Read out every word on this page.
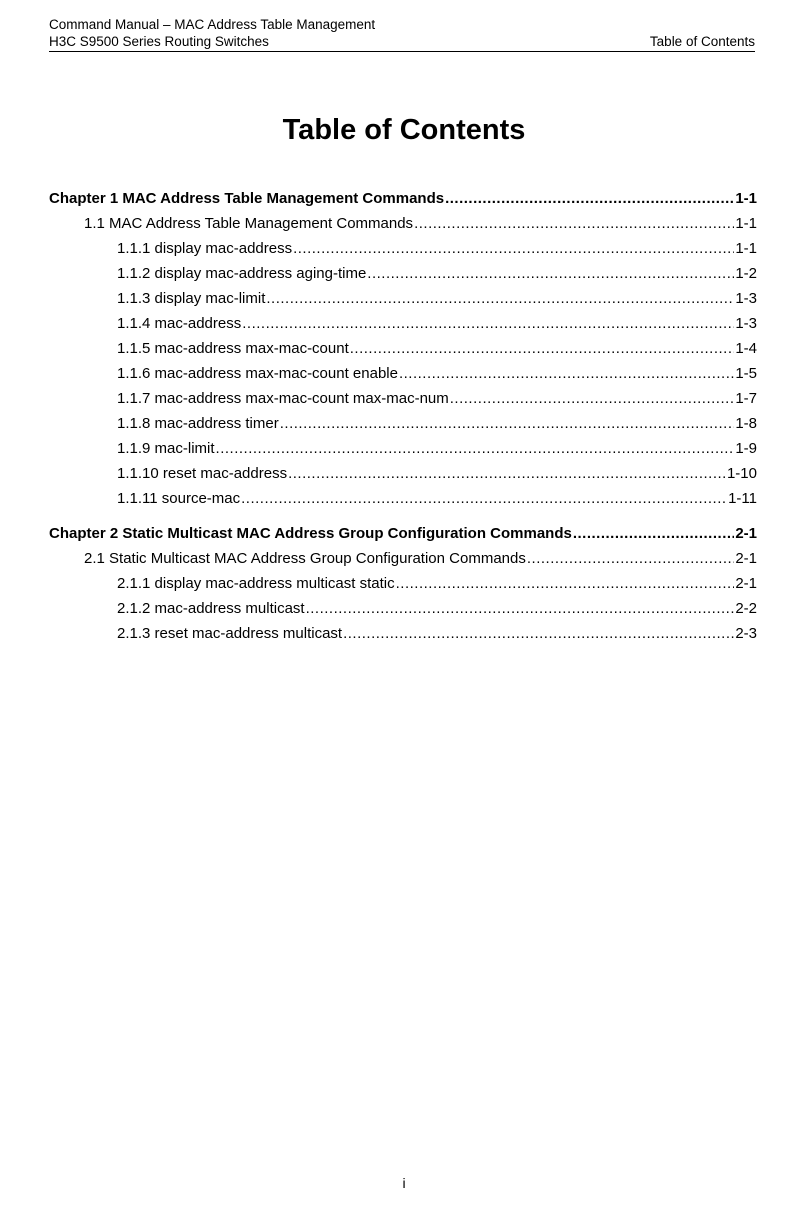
Command Manual – MAC Address Table Management
H3C S9500 Series Routing Switches	Table of Contents
Table of Contents
Chapter 1 MAC Address Table Management Commands .....	1-1
1.1 MAC Address Table Management Commands .....	1-1
1.1.1 display mac-address .....	1-1
1.1.2 display mac-address aging-time .....	1-2
1.1.3 display mac-limit .....	1-3
1.1.4 mac-address .....	1-3
1.1.5 mac-address max-mac-count .....	1-4
1.1.6 mac-address max-mac-count enable .....	1-5
1.1.7 mac-address max-mac-count max-mac-num .....	1-7
1.1.8 mac-address timer .....	1-8
1.1.9 mac-limit .....	1-9
1.1.10 reset mac-address .....	1-10
1.1.11 source-mac .....	1-11
Chapter 2 Static Multicast MAC Address Group Configuration Commands .....	2-1
2.1 Static Multicast MAC Address Group Configuration Commands .....	2-1
2.1.1 display mac-address multicast static .....	2-1
2.1.2 mac-address multicast .....	2-2
2.1.3 reset mac-address multicast .....	2-3
i
